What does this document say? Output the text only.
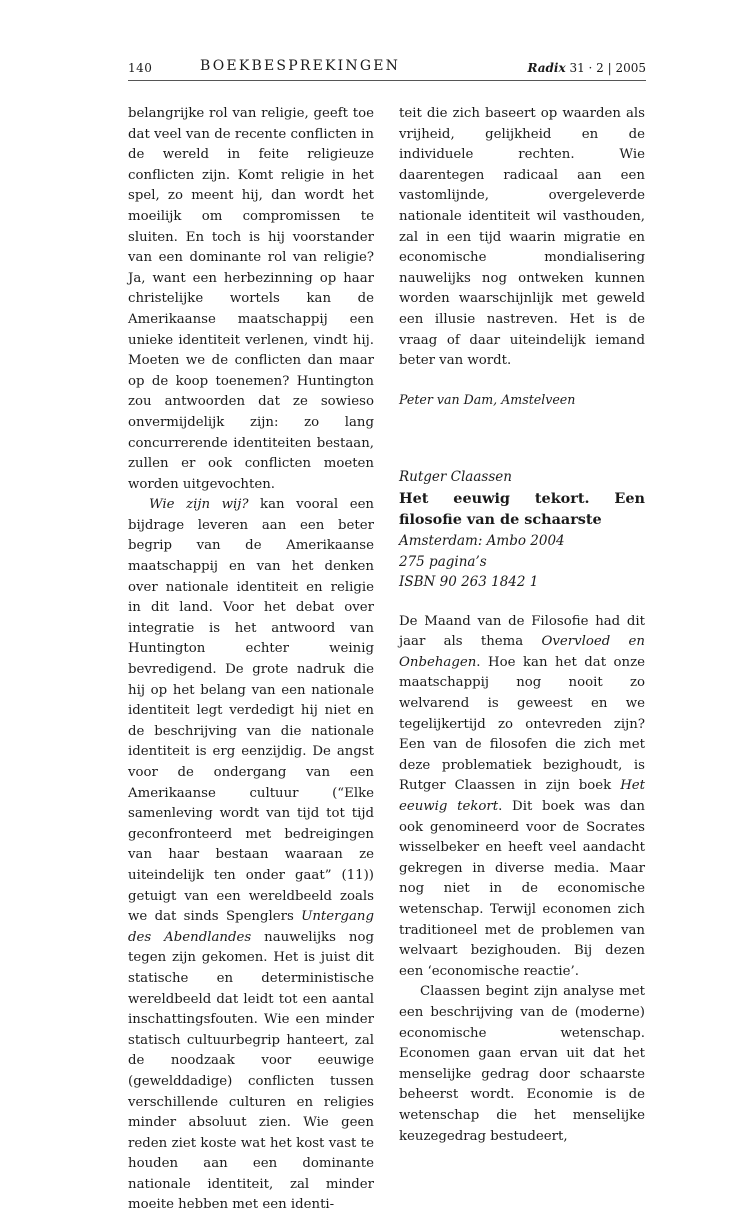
140	BOEKBESPREKINGEN	Radix 31 · 2 | 2005

belangrijke rol van religie, geeft toe dat veel van de recente conflicten in de wereld in feite religieuze conflicten zijn. Komt religie in het spel, zo meent hij, dan wordt het moeilijk om compromissen te sluiten. En toch is hij voorstander van een dominante rol van religie? Ja, want een herbezinning op haar christelijke wortels kan de Amerikaanse maatschappij een unieke identiteit verlenen, vindt hij. Moeten we de conflicten dan maar op de koop toenemen? Huntington zou antwoorden dat ze sowieso onvermijdelijk zijn: zo lang concurrerende identiteiten bestaan, zullen er ook conflicten moeten worden uitgevochten.

Wie zijn wij? kan vooral een bijdrage leveren aan een beter begrip van de Amerikaanse maatschappij en van het denken over nationale identiteit en religie in dit land. Voor het debat over integratie is het antwoord van Huntington echter weinig bevredigend. De grote nadruk die hij op het belang van een nationale identiteit legt verdedigt hij niet en de beschrijving van die nationale identiteit is erg eenzijdig. De angst voor de ondergang van een Amerikaanse cultuur (“Elke samenleving wordt van tijd tot tijd geconfronteerd met bedreigingen van haar bestaan waaraan ze uiteindelijk ten onder gaat” (11)) getuigt van een wereldbeeld zoals we dat sinds Spenglers Untergang des Abendlandes nauwelijks nog tegen zijn gekomen. Het is juist dit statische en deterministische wereldbeeld dat leidt tot een aantal inschattingsfouten. Wie een minder statisch cultuurbegrip hanteert, zal de noodzaak voor eeuwige (gewelddadige) conflicten tussen verschillende culturen en religies minder absoluut zien. Wie geen reden ziet koste wat het kost vast te houden aan een dominante nationale identiteit, zal minder moeite hebben met een identi-

teit die zich baseert op waarden als vrijheid, gelijkheid en de individuele rechten. Wie daarentegen radicaal aan een vastomlijnde, overgeleverde nationale identiteit wil vasthouden, zal in een tijd waarin migratie en economische mondialisering nauwelijks nog ontweken kunnen worden waarschijnlijk met geweld een illusie nastreven. Het is de vraag of daar uiteindelijk iemand beter van wordt.

Peter van Dam, Amstelveen

Rutger Claassen
Het eeuwig tekort. Een filosofie van de schaarste
Amsterdam: Ambo 2004
275 pagina’s
ISBN 90 263 1842 1

De Maand van de Filosofie had dit jaar als thema Overvloed en Onbehagen. Hoe kan het dat onze maatschappij nog nooit zo welvarend is geweest en we tegelijkertijd zo ontevreden zijn? Een van de filosofen die zich met deze problematiek bezighoudt, is Rutger Claassen in zijn boek Het eeuwig tekort. Dit boek was dan ook genomineerd voor de Socrates wisselbeker en heeft veel aandacht gekregen in diverse media. Maar nog niet in de economische wetenschap. Terwijl economen zich traditioneel met de problemen van welvaart bezighouden. Bij dezen een ‘economische reactie’.

Claassen begint zijn analyse met een beschrijving van de (moderne) economische wetenschap. Economen gaan ervan uit dat het menselijke gedrag door schaarste beheerst wordt. Economie is de wetenschap die het menselijke keuzegedrag bestudeert,
